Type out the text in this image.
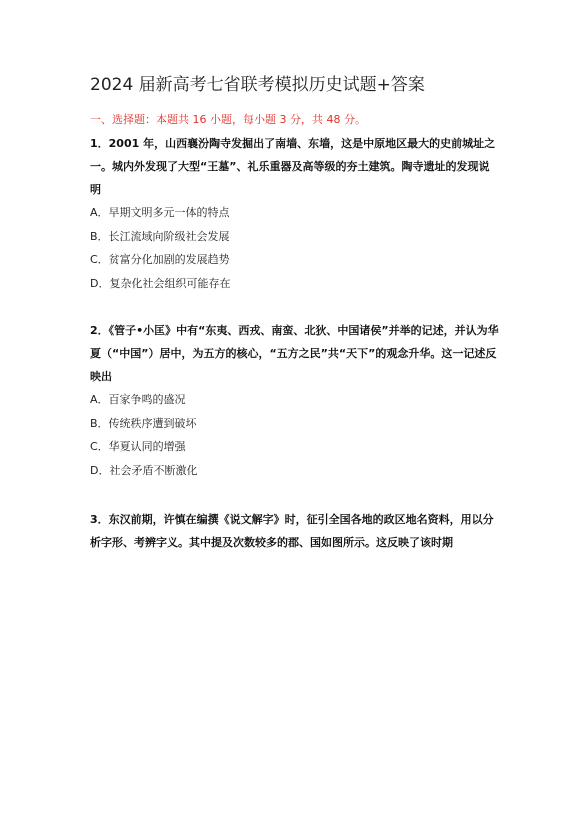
2024 届新高考七省联考模拟历史试题+答案

一、选择题：本题共 16 小题，每小题 3 分，共 48 分。

1．2001 年，山西襄汾陶寺发掘出了南墙、东墙，这是中原地区最大的史前城址之一。城内外发现了大型“王墓”、礼乐重器及高等级的夯土建筑。陶寺遗址的发现说明

A．早期文明多元一体的特点

B．长江流域向阶级社会发展

C．贫富分化加剧的发展趋势

D．复杂化社会组织可能存在

2．《管子•小匡》中有“东夷、西戎、南蛮、北狄、中国诸侯”并举的记述，并认为华夏（“中国”）居中，为五方的核心，“五方之民”共“天下”的观念升华。这一记述反映出

A．百家争鸣的盛况

B．传统秩序遭到破坏

C．华夏认同的增强

D．社会矛盾不断激化

3．东汉前期，许慎在编撰《说文解字》时，征引全国各地的政区地名资料，用以分析字形、考辨字义。其中提及次数较多的郡、国如图所示。这反映了该时期
